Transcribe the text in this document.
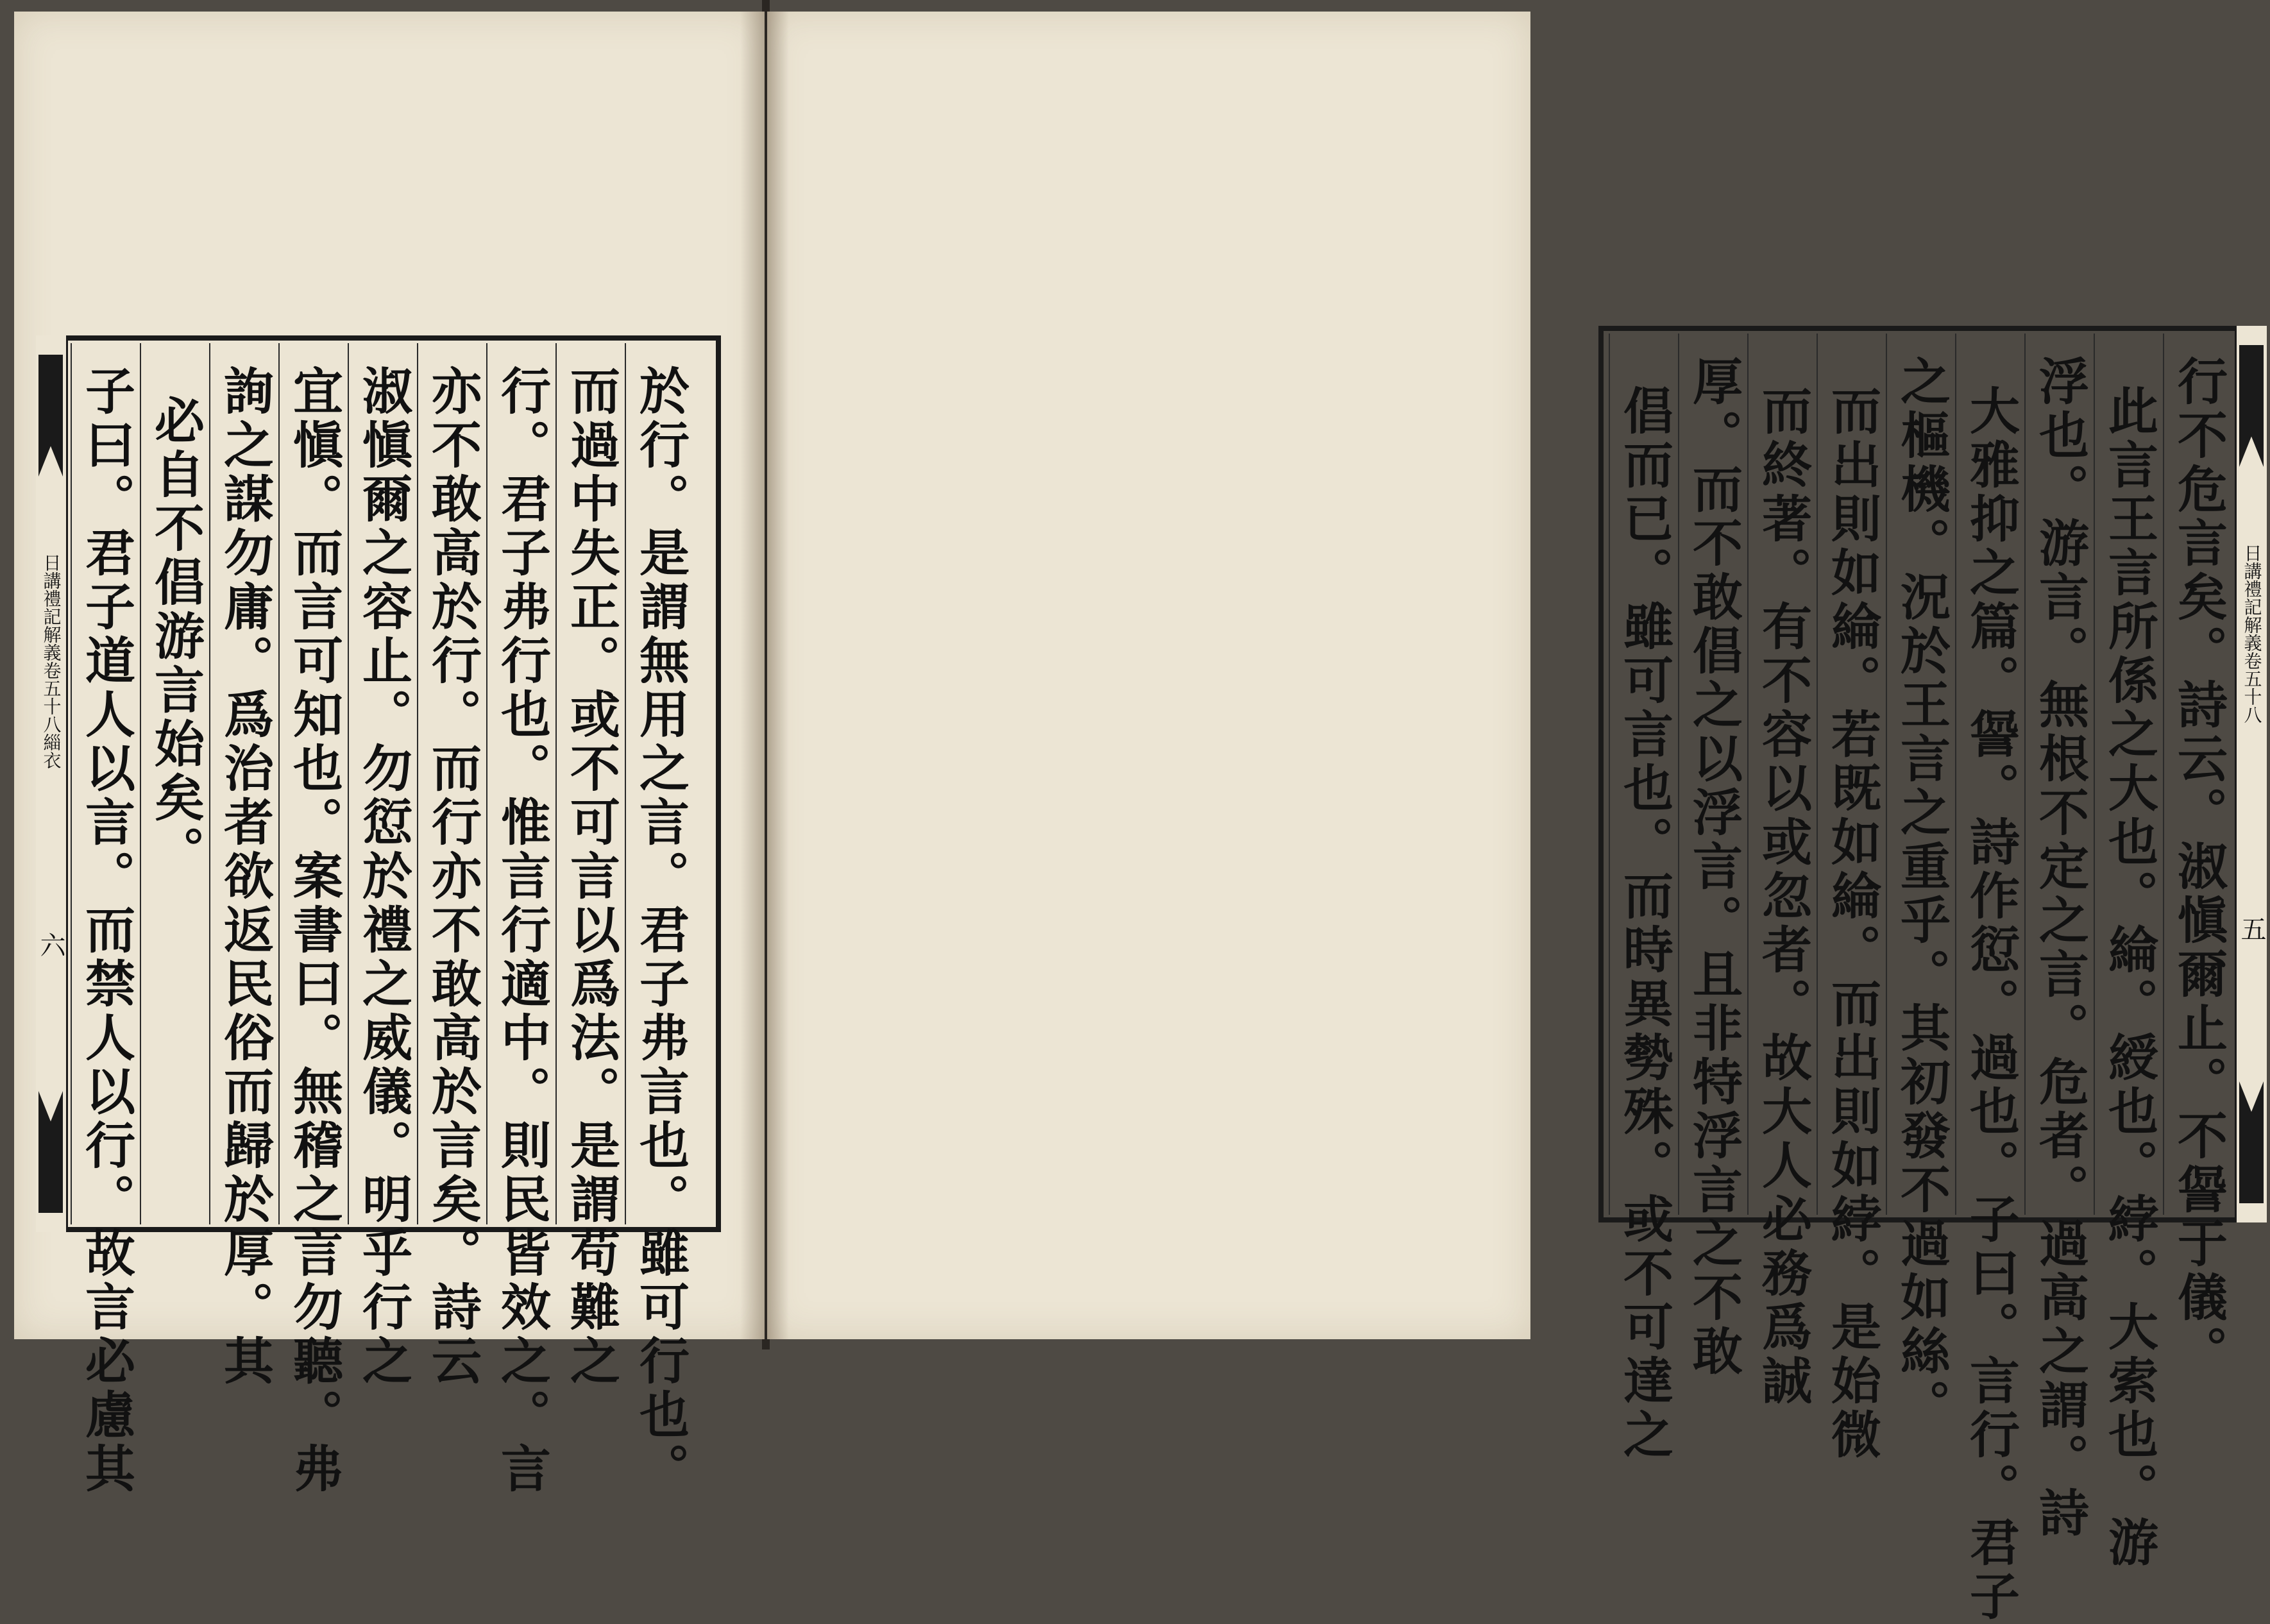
日講禮記解義卷五十八緇衣
六	於行。是謂無用之言。君子弗言也。雖可行也。
而過中失正。或不可言以爲法。是謂苟難之
行。君子弗行也。惟言行適中。則民皆效之。言
亦不敢高於行。而行亦不敢高於言矣。詩云
淑愼爾之容止。勿愆於禮之威儀。明乎行之
宜愼。而言可知也。案書曰。無稽之言勿聽。弗
詢之謀勿庸。爲治者欲返民俗而歸於厚。其
必自不倡游言始矣。
子曰。君子道人以言。而禁人以行。故言必慮其	日講禮記解義卷五十八
五
行不危言矣。詩云。淑愼爾止。不諐于儀。
此言王言所係之大也。綸。綬也。綍。大索也。游
浮也。游言。無根不定之言。危者。過高之謂。詩
大雅抑之篇。諐。詩作愆。過也。子曰。言行。君子
之樞機。況於王言之重乎。其初發不過如絲。
而出則如綸。若既如綸。而出則如綍。是始微
而終著。有不容以或忽者。故大人必務爲誠
厚。而不敢倡之以浮言。且非特浮言之不敢
倡而已。雖可言也。而時異勢殊。或不可達之
